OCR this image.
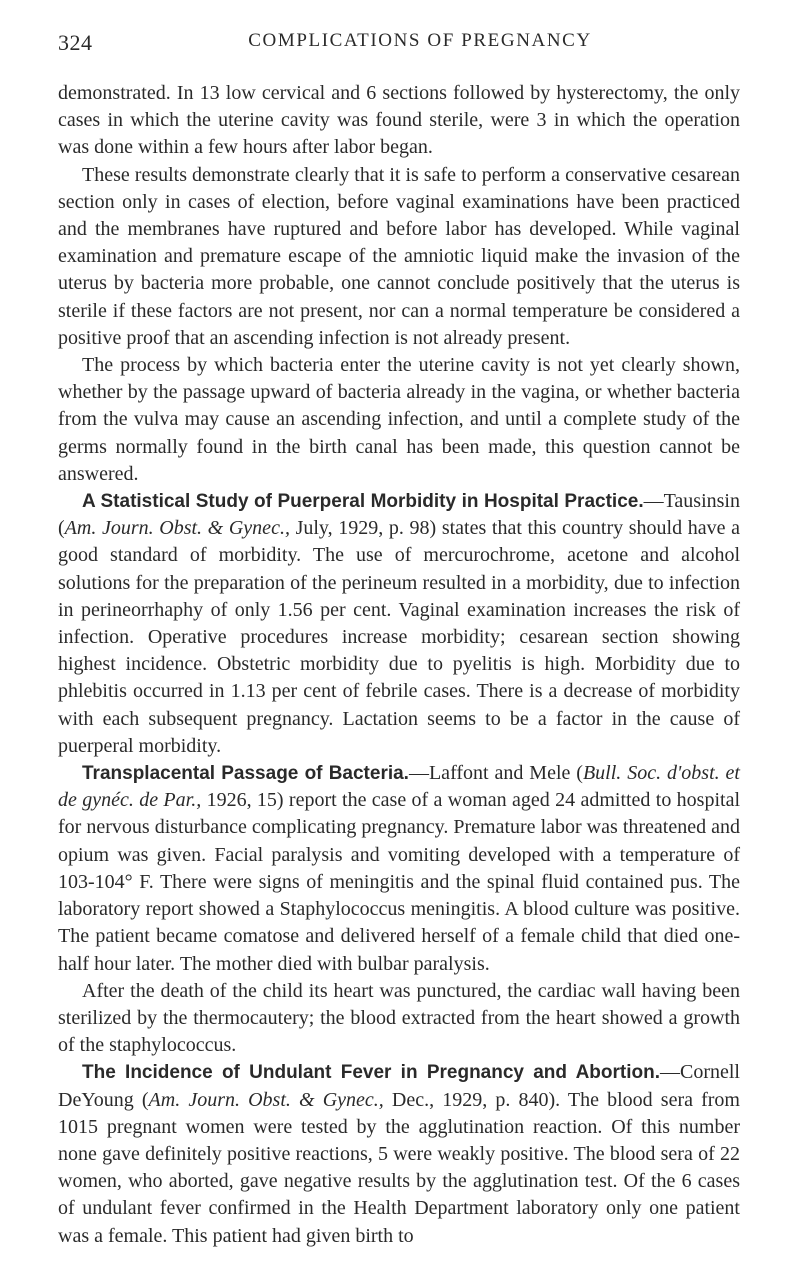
324	COMPLICATIONS OF PREGNANCY

demonstrated. In 13 low cervical and 6 sections followed by hysterectomy, the only cases in which the uterine cavity was found sterile, were 3 in which the operation was done within a few hours after labor began.

These results demonstrate clearly that it is safe to perform a conservative cesarean section only in cases of election, before vaginal examinations have been practiced and the membranes have ruptured and before labor has developed. While vaginal examination and premature escape of the amniotic liquid make the invasion of the uterus by bacteria more probable, one cannot conclude positively that the uterus is sterile if these factors are not present, nor can a normal temperature be considered a positive proof that an ascending infection is not already present.

The process by which bacteria enter the uterine cavity is not yet clearly shown, whether by the passage upward of bacteria already in the vagina, or whether bacteria from the vulva may cause an ascending infection, and until a complete study of the germs normally found in the birth canal has been made, this question cannot be answered.

A Statistical Study of Puerperal Morbidity in Hospital Practice.—Tausinsin (Am. Journ. Obst. & Gynec., July, 1929, p. 98) states that this country should have a good standard of morbidity. The use of mercurochrome, acetone and alcohol solutions for the preparation of the perineum resulted in a morbidity, due to infection in perineorrhaphy of only 1.56 per cent. Vaginal examination increases the risk of infection. Operative procedures increase morbidity; cesarean section showing highest incidence. Obstetric morbidity due to pyelitis is high. Morbidity due to phlebitis occurred in 1.13 per cent of febrile cases. There is a decrease of morbidity with each subsequent pregnancy. Lactation seems to be a factor in the cause of puerperal morbidity.

Transplacental Passage of Bacteria.—Laffont and Mele (Bull. Soc. d'obst. et de gynéc. de Par., 1926, 15) report the case of a woman aged 24 admitted to hospital for nervous disturbance complicating pregnancy. Premature labor was threatened and opium was given. Facial paralysis and vomiting developed with a temperature of 103-104° F. There were signs of meningitis and the spinal fluid contained pus. The laboratory report showed a Staphylococcus meningitis. A blood culture was positive. The patient became comatose and delivered herself of a female child that died one-half hour later. The mother died with bulbar paralysis.

After the death of the child its heart was punctured, the cardiac wall having been sterilized by the thermocautery; the blood extracted from the heart showed a growth of the staphylococcus.

The Incidence of Undulant Fever in Pregnancy and Abortion.—Cornell DeYoung (Am. Journ. Obst. & Gynec., Dec., 1929, p. 840). The blood sera from 1015 pregnant women were tested by the agglutination reaction. Of this number none gave definitely positive reactions, 5 were weakly positive. The blood sera of 22 women, who aborted, gave negative results by the agglutination test. Of the 6 cases of undulant fever confirmed in the Health Department laboratory only one patient was a female. This patient had given birth to
